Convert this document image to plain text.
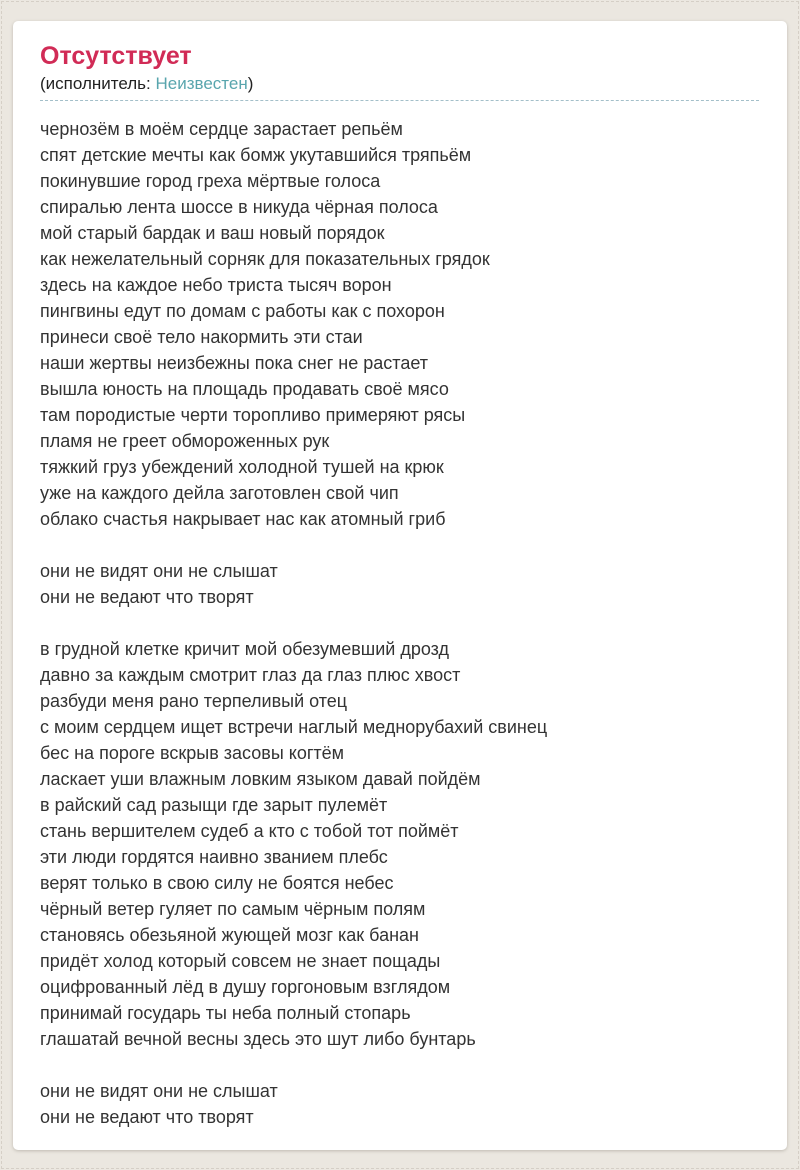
Отсутствует
(исполнитель: Неизвестен)
чернозём в моём сердце зарастает репьём
спят детские мечты как бомж укутавшийся тряпьём
покинувшие город греха мёртвые голоса
спиралью лента шоссе в никуда чёрная полоса
мой старый бардак и ваш новый порядок
как нежелательный сорняк для показательных грядок
здесь на каждое небо триста тысяч ворон
пингвины едут по домам с работы как с похорон
принеси своё тело накормить эти стаи
наши жертвы неизбежны пока снег не растает
вышла юность на площадь продавать своё мясо
там породистые черти торопливо примеряют рясы
пламя не греет обмороженных рук
тяжкий груз убеждений холодной тушей на крюк
уже на каждого дейла заготовлен свой чип
облако счастья накрывает нас как атомный гриб

они не видят они не слышат
они не ведают что творят

в грудной клетке кричит мой обезумевший дрозд
давно за каждым смотрит глаз да глаз плюс хвост
разбуди меня рано терпеливый отец
с моим сердцем ищет встречи наглый меднорубахий свинец
бес на пороге вскрыв засовы когтём
ласкает уши влажным ловким языком давай пойдём
в райский сад разыщи где зарыт пулемёт
стань вершителем судеб а кто с тобой тот поймёт
эти люди гордятся наивно званием плебс
верят только в свою силу не боятся небес
чёрный ветер гуляет по самым чёрным полям
становясь обезьяной жующей мозг как банан
придёт холод который совсем не знает пощады
оцифрованный лёд в душу горгоновым взглядом
принимай государь ты неба полный стопарь
глашатай вечной весны здесь это шут либо бунтарь

они не видят они не слышат
они не ведают что творят
